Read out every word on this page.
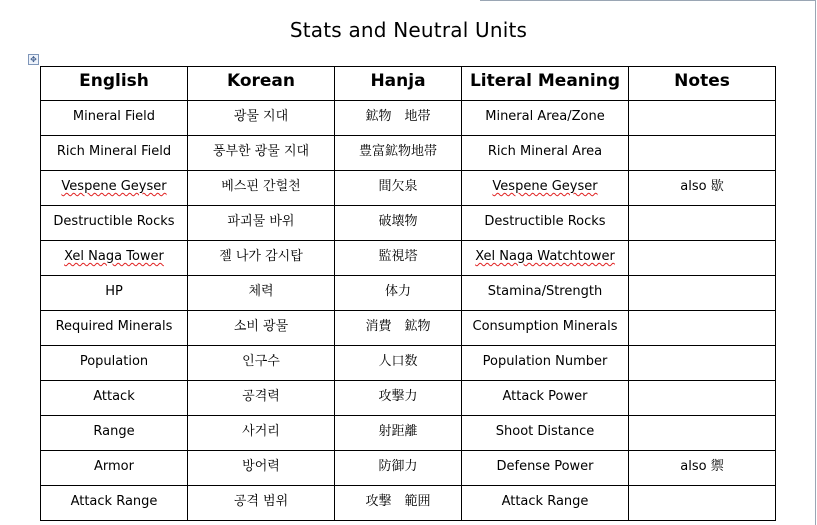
Stats and Neutral Units
✥
English	Korean	Hanja	Literal Meaning	Notes
Mineral Field	광물 지대	鉱物　地帯	Mineral Area/Zone	
Rich Mineral Field	풍부한 광물 지대	豊富鉱物地帯	Rich Mineral Area	
Vespene Geyser	베스핀 간헐천	間欠泉	Vespene Geyser	also 歇
Destructible Rocks	파괴물 바위	破壊物	Destructible Rocks	
Xel Naga Tower	젤 나가 감시탑	監視塔	Xel Naga Watchtower	
HP	체력	体力	Stamina/Strength	
Required Minerals	소비 광물	消費　鉱物	Consumption Minerals	
Population	인구수	人口数	Population Number	
Attack	공격력	攻撃力	Attack Power	
Range	사거리	射距離	Shoot Distance	
Armor	방어력	防御力	Defense Power	also 禦
Attack Range	공격 범위	攻撃　範囲	Attack Range	
